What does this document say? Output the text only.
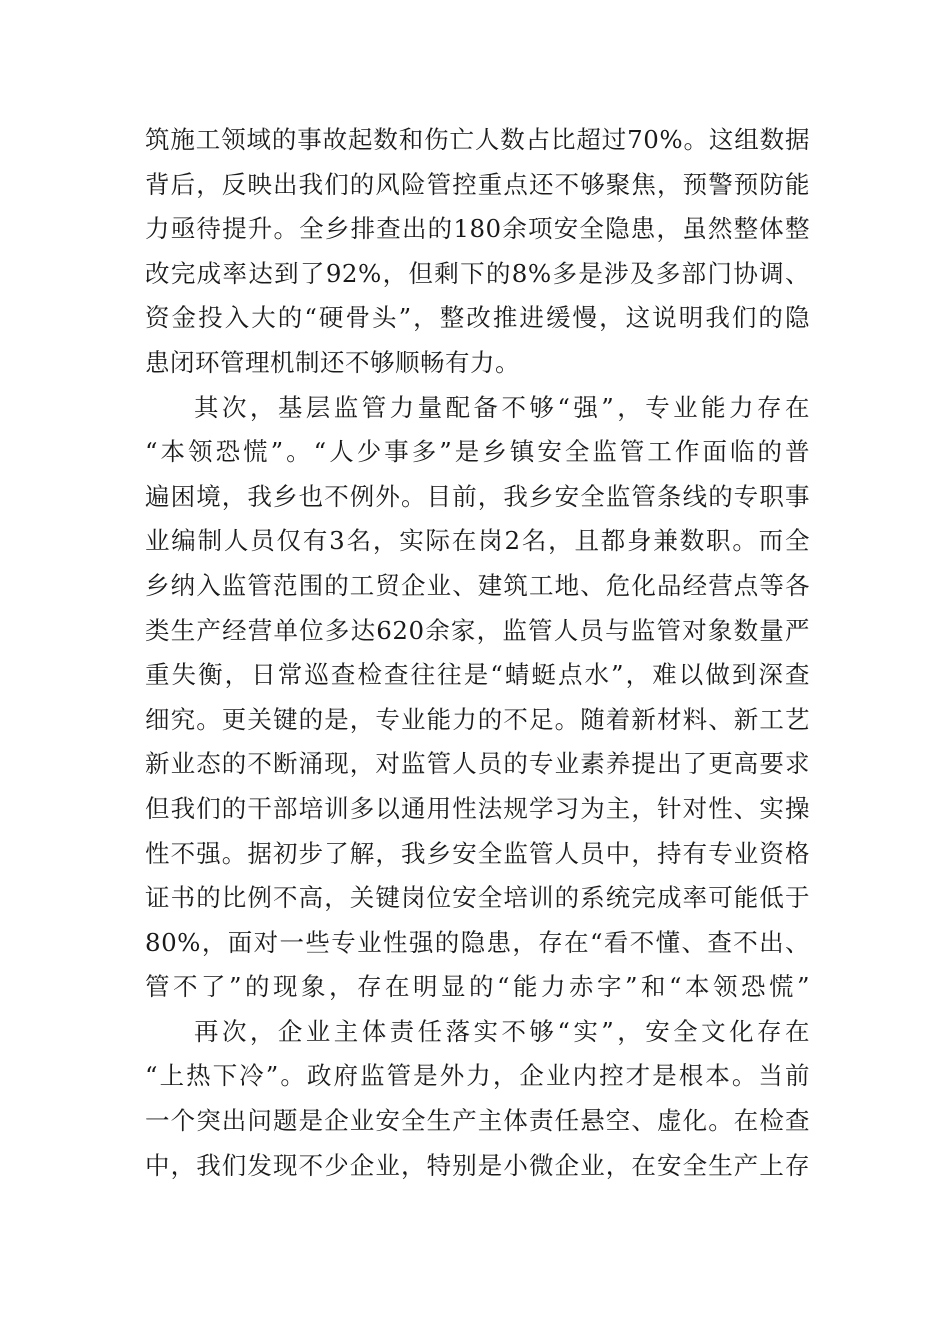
筑施工领域的事故起数和伤亡人数占比超过70%。这组数据
背后，反映出我们的风险管控重点还不够聚焦，预警预防能
力亟待提升。全乡排查出的180余项安全隐患，虽然整体整
改完成率达到了92%，但剩下的8%多是涉及多部门协调、
资金投入大的“硬骨头”，整改推进缓慢，这说明我们的隐
患闭环管理机制还不够顺畅有力。
其次，基层监管力量配备不够“强”，专业能力存在
“本领恐慌”。“人少事多”是乡镇安全监管工作面临的普
遍困境，我乡也不例外。目前，我乡安全监管条线的专职事
业编制人员仅有3名，实际在岗2名，且都身兼数职。而全
乡纳入监管范围的工贸企业、建筑工地、危化品经营点等各
类生产经营单位多达620余家，监管人员与监管对象数量严
重失衡，日常巡查检查往往是“蜻蜓点水”，难以做到深查
细究。更关键的是，专业能力的不足。随着新材料、新工艺
新业态的不断涌现，对监管人员的专业素养提出了更高要求
但我们的干部培训多以通用性法规学习为主，针对性、实操
性不强。据初步了解，我乡安全监管人员中，持有专业资格
证书的比例不高，关键岗位安全培训的系统完成率可能低于
80%，面对一些专业性强的隐患，存在“看不懂、查不出、
管不了”的现象，存在明显的“能力赤字”和“本领恐慌”
再次，企业主体责任落实不够“实”，安全文化存在
“上热下冷”。政府监管是外力，企业内控才是根本。当前
一个突出问题是企业安全生产主体责任悬空、虚化。在检查
中，我们发现不少企业，特别是小微企业，在安全生产上存
